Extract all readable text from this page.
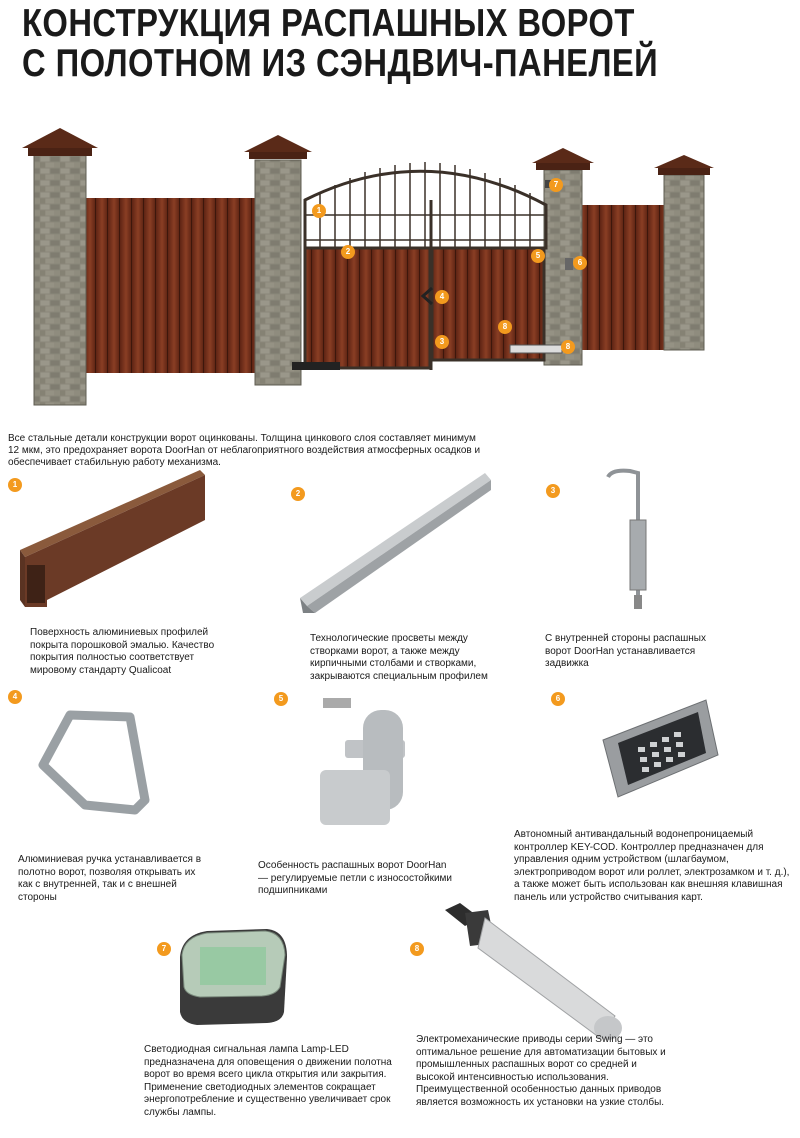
КОНСТРУКЦИЯ РАСПАШНЫХ ВОРОТ
С ПОЛОТНОМ ИЗ СЭНДВИЧ-ПАНЕЛЕЙ
1
2
3
4
5
6
7
8
8
Все стальные детали конструкции ворот оцинкованы. Толщина цинкового слоя составляет минимум 12 мкм, это предохраняет ворота DoorHan от неблагоприятного воздействия атмосферных осадков и обеспечивает стабильную работу механизма.
1
Поверхность алюминиевых профилей покрыта порошковой эмалью. Качество покрытия полностью соответствует мировому стандарту Qualicoat
2
Технологические просветы между створками ворот, а также между кирпичными столбами и створками, закрываются специальным профилем
3
С внутренней стороны распашных ворот DoorHan устанавливается задвижка
4
Алюминиевая ручка устанавливается в полотно ворот, позволяя открывать их как с внутренней, так и с внешней стороны
5
Особенность распашных ворот DoorHan — регулируемые петли с износостойкими подшипниками
6
Автономный антивандальный водонепроницаемый контроллер KEY-COD. Контроллер предназначен для управления одним устройством (шлагбаумом, электроприводом ворот или роллет, электрозамком и т. д.), а также может быть использован как внешняя клавишная панель или устройство считывания карт.
7
Светодиодная сигнальная лампа Lamp-LED предназначена для оповещения о движении полотна ворот во время всего цикла открытия или закрытия. Применение светодиодных элементов сокращает энергопотребление и существенно увеличивает срок службы лампы.
8
Электромеханические приводы серии Swing — это оптимальное решение для автоматизации бытовых и промышленных распашных ворот со средней и высокой интенсивностью использования. Преимущественной особенностью данных приводов является возможность их установки на узкие столбы.
